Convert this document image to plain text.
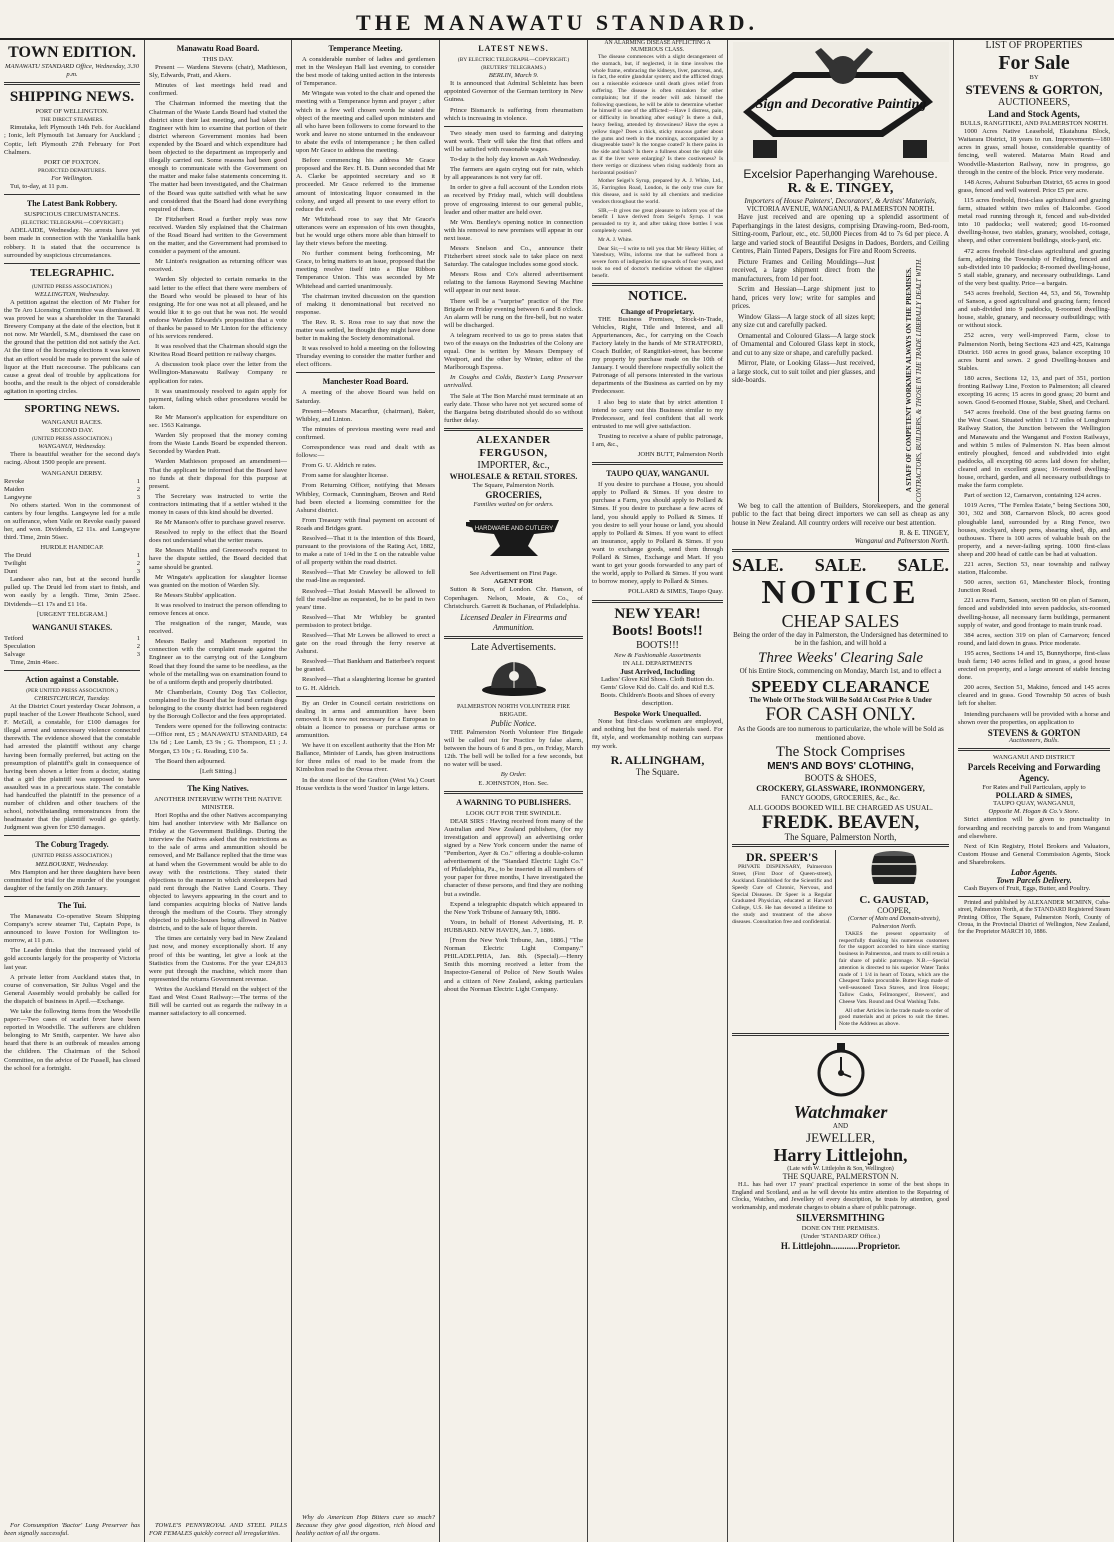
THE MANAWATU STANDARD.
TOWN EDITION.
MANAWATU STANDARD Office, Wednesday, 3.30 p.m.
SHIPPING NEWS.
PORT OF WELLINGTON.
THE DIRECT STEAMERS.

Rimutaka, left Plymouth 14th Feb. for Auckland ; Ionic, left Plymouth 1st January for Auckland ; Coptic, left Plymouth 27th February for Port Chalmers.

PORT OF FOXTON.
PROJECTED DEPARTURES.
For Wellington.

Tui, to-day, at 11 p.m.

The Latest Bank Robbery.
SUSPICIOUS CIRCUMSTANCES.
(ELECTRIC TELEGRAPH.—COPYRIGHT.)

ADELAIDE, Wednesday. No arrests have yet been made in connection with the Yankalilla bank robbery. It is stated that the occurrence is surrounded by suspicious circumstances.

TELEGRAPHIC.
(UNITED PRESS ASSOCIATION.)
WELLINGTON, Wednesday.

A petition against the election of Mr Fisher for the Te Aro Licensing Committee was dismissed. It was proved he was a shareholder in the Taranaki Brewery Company at the date of the election, but it not now. Mr Wardell, S.M., dismissed the case on the ground that the petition did not satisfy the Act. At the time of the licensing elections it was known that an effort would be made to prevent the sale of liquor at the Hutt racecourse. The publicans can cause a great deal of trouble by applications for booths, and the result is the object of considerable agitation in sporting circles.

SPORTING NEWS.
WANGANUI RACES.
SECOND DAY.
(UNITED PRESS ASSOCIATION.)
WANGANUI, Wednesday.

There is beautiful weather for the second day's racing. About 1500 people are present.

WANGANUI DERBY.
Revoke	1
Maiden	2
Langwyne	3

No others started. Won in the commonest of canters by four lengths. Langwyne led for a mile on sufferance, when Vaile on Revoke easily passed her, and won. Dividends, £2 11s. and Langwyne third. Time, 2min 56sec.

HURDLE HANDICAP.
The Druid	1
Twilight	2
Dunt	3

Landseer also ran, but at the second hurdle pulled up. The Druid led from start to finish, and won easily by a length. Time, 3min 25sec. Dividends—£1 17s and £1 16s.

[URGENT TELEGRAM.]
WANGANUI STAKES.
Tetford	1
Speculation	2
Salvage	3

Time, 2min 46sec.

Action against a Constable.
(PER UNITED PRESS ASSOCIATION.)
CHRISTCHURCH, Tuesday.

At the District Court yesterday Oscar Johnson, a pupil teacher of the Lower Heathcote School, sued F. McGill, a constable, for £100 damages for illegal arrest and unnecessary violence connected therewith. The evidence showed that the constable had arrested the plaintiff without any charge having been formally preferred, but acting on the presumption of plaintiff's guilt in consequence of having been shown a letter from a doctor, stating that a girl the plaintiff was supposed to have assaulted was in a precarious state. The constable had handcuffed the plaintiff in the presence of a number of children and other teachers of the school, notwithstanding remonstrances from the headmaster that the plaintiff would go quietly. Judgment was given for £50 damages.

The Coburg Tragedy.
(UNITED PRESS ASSOCIATION.)
MELBOURNE, Wednesday.

Mrs Hampton and her three daughters have been committed for trial for the murder of the youngest daughter of the family on 26th January.

The Tui.

The Manawatu Co-operative Steam Shipping Company's screw steamer Tui, Captain Pope, is announced to leave Foxton for Wellington to-morrow, at 11 p.m.

The Leader thinks that the increased yield of gold accounts largely for the prosperity of Victoria last year.

A private letter from Auckland states that, in course of conversation, Sir Julius Vogel and the General Assembly would probably be called for the dispatch of business in April.—Exchange.

We take the following items from the Woodville paper:—Two cases of scarlet fever have been reported in Woodville. The sufferers are children belonging to Mr Smith, carpenter. We have also heard that there is an outbreak of measles among the children. The Chairman of the School Committee, on the advice of Dr Fussell, has closed the school for a fortnight.

For Consumption 'Bactor' Lung Preserver has been signally successful.

Manawatu Road Board.
THIS DAY.

Present — Wardens Stevens (chair), Mathieson, Sly, Edwards, Pratt, and Akers.

Minutes of last meetings held read and confirmed.

The Chairman informed the meeting that the Chairman of the Waste Lands Board had visited the district since their last meeting, and had taken the Engineer with him to examine that portion of their district whereon Government monies had been expended by the Board and which expenditure had been objected to the department as improperly and illegally carried out. Some reasons had been good enough to communicate with the Government on the matter and make false statements concerning it. The matter had been investigated, and the Chairman of the Board was quite satisfied with what he saw and considered that the Board had done everything required of them.

Dr Fitzherbert Road a further reply was now received. Warden Sly explained that the Chairman of the Road Board had written to the Government on the matter, and the Government had promised to consider a payment of the amount.

Mr Linton's resignation as returning officer was received.

Warden Sly objected to certain remarks in the said letter to the effect that there were members of the Board who would be pleased to hear of his resigning. He for one was not at all pleased, and he would like it to go out that he was not. He would endorse Warden Edwards's proposition that a vote of thanks be passed to Mr Linton for the efficiency of his services rendered.

It was resolved that the Chairman should sign the Kiwitea Road Board petition re railway charges.

A discussion took place over the letter from the Wellington-Manawatu Railway Company re application for rates.

It was unanimously resolved to again apply for payment, failing which other procedures would be taken.

Re Mr Manson's application for expenditure on sec. 1563 Kairanga.

Warden Sly proposed that the money coming from the Waste Lands Board be expended thereon. Seconded by Warden Pratt.

Warden Mathieson proposed an amendment—That the applicant be informed that the Board have no funds at their disposal for this purpose at present.

The Secretary was instructed to write the contractors intimating that if a settler wished it the money in cases of this kind should be diverted.

Re Mr Manson's offer to purchase gravel reserve.

Resolved to reply to the effect that the Board does not understand what the writer means.

Re Messrs Mullins and Greenwood's request to have the dispute settled, the Board decided that same should be granted.

Mr Wingate's application for slaughter license was granted on the motion of Warden Sly.

Re Messrs Stubbs' application.

It was resolved to instruct the person offending to remove fences at once.

The resignation of the ranger, Maude, was received.

Messrs Bailey and Matheson reported in connection with the complaint made against the Engineer as to the carrying out of the Longburn Road that they found the same to be needless, as the whole of the metalling was on examination found to be of a uniform depth and properly distributed.

Mr Chamberlain, County Dog Tax Collector, complained to the Board that he found certain dogs belonging to the county district had been registered by the Borough Collector and the fees appropriated.

Tenders were opened for the following contracts:—Office rent, £5 ; MANAWATU STANDARD, £4 13s 6d ; Lee Lamb, £3 9s ; G. Thompson, £1 ; J. Morgan, £3 10s ; G. Reading, £10 5s.

The Board then adjourned.

[Left Sitting.]
The King Natives.
ANOTHER INTERVIEW WITH THE NATIVE MINISTER.

Hori Ropiha and the other Natives accompanying him had another interview with Mr Ballance on Friday at the Government Buildings. During the interview the Natives asked that the restrictions as to the sale of arms and ammunition should be removed, and Mr Ballance replied that the time was at hand when the Government would be able to do away with the restrictions. They stated their objections to the manner in which storekeepers had paid rent through the Native Land Courts. They objected to lawyers appearing in the court and to land companies acquiring blocks of Native lands through the medium of the Courts. They strongly objected to public-houses being allowed in Native districts, and to the sale of liquor therein.

The times are certainly very bad in New Zealand just now, and money exceptionally short. If any proof of this be wanting, let give a look at the Statistics from the Customs. For the year £24,813 were put through the machine, which more than represented the returns Government revenue.

Writes the Auckland Herald on the subject of the East and West Coast Railway:—The terms of the Bill will be carried out as regards the railway in a manner satisfactory to all concerned.

TOWLE'S PENNYROYAL AND STEEL PILLS FOR FEMALES quickly correct all irregularities.

Temperance Meeting.

A considerable number of ladies and gentlemen met in the Wesleyan Hall last evening, to consider the best mode of taking united action in the interests of Temperance.

Mr Wingate was voted to the chair and opened the meeting with a Temperance hymn and prayer ; after which in a few well chosen words he stated the object of the meeting and called upon ministers and all who have been followers to come forward to the work and leave no stone unturned in the endeavour to abate the evils of intemperance ; he then called upon Mr Grace to address the meeting.

Before commencing his address Mr Grace proposed and the Rev. H. B. Dunn seconded that Mr A. Clarke be appointed secretary and so it proceeded. Mr Grace referred to the immense amount of intoxicating liquor consumed in the colony, and urged all present to use every effort to reduce the evil.

Mr Whitehead rose to say that Mr Grace's utterances were an expression of his own thoughts, but he would urge others more able than himself to lay their views before the meeting.

No further comment being forthcoming, Mr Grace, to bring matters to an issue, proposed that the meeting resolve itself into a Blue Ribbon Temperance Union. This was seconded by Mr Whitehead and carried unanimously.

The chairman invited discussion on the question of making it denominational but received no response.

The Rev. R. S. Ross rose to say that now the matter was settled, he thought they might have done better in making the Society denominational.

It was resolved to hold a meeting on the following Thursday evening to consider the matter further and elect officers.

Manchester Road Board.

A meeting of the above Board was held on Saturday.

Present—Messrs Macarthur, (chairman), Baker, Whibley, and Linton.

The minutes of previous meeting were read and confirmed.

Correspondence was read and dealt with as follows:—

From G. U. Aldrich re rates.

From same for slaughter license.

From Returning Officer, notifying that Messrs Whibley, Cormack, Cunningham, Brown and Reid had been elected a licensing committee for the Ashurst district.

From Treasury with final payment on account of Roads and Bridges grant.

Resolved—That it is the intention of this Board, pursuant to the provisions of the Rating Act, 1882, to make a rate of 1/4d in the £ on the rateable value of all property within the road district.

Resolved—That Mr Crawley be allowed to fell the road-line as requested.

Resolved—That Josiah Maxwell be allowed to fell the road-line as requested, he to be paid in two years' time.

Resolved—That Mr Whibley be granted permission to protect bridge.

Resolved—That Mr Lowes be allowed to erect a gate on the road through the ferry reserve at Ashurst.

Resolved—That Bankham and Batterbee's request be granted.

Resolved—That a slaughtering license be granted to G. H. Aldrich.

By an Order in Council certain restrictions on dealing in arms and ammunition have been removed. It is now not necessary for a European to obtain a licence to possess or purchase arms or ammunition.

We have it on excellent authority that the Hon Mr Ballance, Minister of Lands, has given instructions for three miles of road to be made from the Kimbolton road to the Oroua river.

In the stone floor of the Grafton (West Va.) Court House verdicts is the word 'Justice' in large letters.

Why do American Hop Bitters cure so much? Because they give good digestion, rich blood and healthy action of all the organs.

LATEST NEWS.
(BY ELECTRIC TELEGRAPH.—COPYRIGHT.)
(REUTERS' TELEGRAMS.)
BERLIN, March 9.

It is announced that Admiral Schleintz has been appointed Governor of the German territory in New Guinea.

Prince Bismarck is suffering from rheumatism which is increasing in violence.

Two steady men used to farming and dairying want work. Their will take the first that offers and will be satisfied with reasonable wages.

To-day is the holy day known as Ash Wednesday.

The farmers are again crying out for rain, which by all appearances is not very far off.

In order to give a full account of the London riots as received by Friday mail, which will doubtless prove of engrossing interest to our general public, leader and other matter are held over.

Mr Wm. Bentley's opening notice in connection with his removal to new premises will appear in our next issue.

Messrs Snelson and Co., announce their Fitzherbert street stock sale to take place on next Saturday. The catalogue includes some good stock.

Messrs Ross and Co's altered advertisement relating to the famous Raymond Sewing Machine will appear in our next issue.

There will be a "surprise" practice of the Fire Brigade on Friday evening between 6 and 8 o'clock. An alarm will be rung on the fire-bell, but no water will be discharged.

A telegram received to us go to press states that two of the essays on the Industries of the Colony are equal. One is written by Messrs Dempsey of Westport, and the other by Winter, editor of the Marlborough Express.

In Coughs and Colds, Baxter's Lung Preserver unrivalled.

The Sale at The Bon Marché must terminate at an early date. Those who have not yet secured some of the Bargains being distributed should do so without further delay.

ALEXANDER FERGUSON,
IMPORTER, &c.,
WHOLESALE & RETAIL STORES.
The Square, Palmerston North.
GROCERIES,
Families waited on for orders.
HARDWARE AND CUTLERY
See Advertisement on First Page.
AGENT FOR

Sutton & Sons, of London. Chr. Hanson, of Copenhagen. Nelson, Moate, & Co., of Christchurch. Garrett & Buchanan, of Philadelphia.

Licensed Dealer in Firearms and Ammunition.
Late Advertisements.
PALMERSTON NORTH VOLUNTEER FIRE BRIGADE.
Public Notice.

THE Palmerston North Volunteer Fire Brigade will be called out for Practice by false alarm, between the hours of 6 and 8 pm., on Friday, March 12th. The bell will be tolled for a few seconds, but no water will be used.

By Order.
E. JOHNSTON, Hon. Sec.
A WARNING TO PUBLISHERS.
LOOK OUT FOR THE SWINDLE.

DEAR SIRS : Having received from many of the Australian and New Zealand publishers, (for my investigation and approval) an advertising order signed by a New York concern under the name of "Pemberton, Ayer & Co." offering a double-column advertisement of the "Standard Electric Light Co." of Philadelphia, Pa., to be inserted in all numbers of your paper for three months, I have investigated the character of these persons, and find they are nothing but a swindle.

Expend a telegraphic dispatch which appeared in the New York Tribune of January 9th, 1886.

Yours, in behalf of Honest Advertising, H. P. HUBBARD. NEW HAVEN, Jan. 7, 1886.

[From the New York Tribune, Jan., 1886.] "The Norman Electric Light Company." PHILADELPHIA, Jan. 8th. (Special).—Henry Smith this morning received a letter from the Inspector-General of Police of New South Wales and a citizen of New Zealand, asking particulars about the Norman Electric Light Company.

AN ALARMING DISEASE AFFLICTING A NUMEROUS CLASS.

The disease commences with a slight derangement of the stomach, but, if neglected, it in time involves the whole frame, embracing the kidneys, liver, pancreas, and, in fact, the entire glandular system; and the afflicted drags out a miserable existence until death gives relief from suffering. The disease is often mistaken for other complaints; but if the reader will ask himself the following questions, he will be able to determine whether he himself is one of the afflicted:—Have I distress, pain, or difficulty in breathing after eating? Is there a dull, heavy feeling, attended by drowsiness? Have the eyes a yellow tinge? Does a thick, sticky mucous gather about the gums and teeth in the mornings, accompanied by a disagreeable taste? Is the tongue coated? Is there pains in the side and back? Is there a fullness about the right side as if the liver were enlarging? Is there costiveness? Is there vertigo or dizziness when rising suddenly from an horizontal position?

Mother Seigel's Syrup, prepared by A. J. White, Ltd., 35, Farringdon Road, London, is the only true cure for this disease, and is sold by all chemists and medicine vendors throughout the world.

SIR,—It gives me great pleasure to inform you of the benefit I have derived from Seigel's Syrup. I was persuaded to try it, and after taking three bottles I was completely cured.

Mr A. J. White.

Dear Sir,—I write to tell you that Mr Henry Hillier, of Yatesbury, Wilts, informs me that he suffered from a severe form of indigestion for upwards of four years, and took no end of doctor's medicine without the slightest benefit.

NOTICE.
Change of Proprietary.

THE Business Premises, Stock-in-Trade, Vehicles, Right, Title and Interest, and all Appurtenances, &c., for carrying on the Coach Factory lately in the hands of Mr STRATFORD, Coach Builder, of Rangitikei-street, has become my property by purchase made on the 10th of January. I would therefore respectfully solicit the Patronage of all persons interested in the various departments of the Business as carried on by my Predecessor.

I also beg to state that by strict attention I intend to carry out this Business similar to my Predecessor, and feel confident that all work entrusted to me will give satisfaction.

Trusting to receive a share of public patronage, I am, &c.,

JOHN BUTT, Palmerston North
TAUPO QUAY, WANGANUI.

If you desire to purchase a House, you should apply to Pollard & Simes. If you desire to purchase a Farm, you should apply to Pollard & Simes. If you desire to purchase a few acres of land, you should apply to Pollard & Simes. If you desire to sell your house or land, you should apply to Pollard & Simes. If you want to effect an insurance, apply to Pollard & Simes. If you want to exchange goods, send them through Pollard & Simes, Exchange and Mart. If you want to get your goods forwarded to any part of the world, apply to Pollard & Simes. If you want to borrow money, apply to Pollard & Simes.

POLLARD & SIMES, Taupo Quay.
NEW YEAR!
Boots! Boots!!
BOOTS!!!
New & Fashionable Assortments
IN ALL DEPARTMENTS
Just Arrived, Including

Ladies' Glove Kid Shoes. Cloth Button do. Gents' Glove Kid do. Calf do. and Kid E.S. Boots. Children's Boots and Shoes of every description.

Bespoke Work Unequalled.

None but first-class workmen are employed, and nothing but the best of materials used. For fit, style, and workmanship nothing can surpass my work.

R. ALLINGHAM,
The Square.
Sign and Decorative Painting
Excelsior Paperhanging Warehouse.
R. & E. TINGEY,
Importers of House Painters', Decorators', & Artists' Materials,
VICTORIA AVENUE, WANGANUI, & PALMERSTON NORTH.

Have just received and are opening up a splendid assortment of Paperhangings in the latest designs, comprising Drawing-room, Bed-room, Sitting-room, Parlour, etc., etc. 50,000 Pieces from 4d to 7s 6d per piece. A large and varied stock of Beautiful Designs in Dadoes, Borders, and Ceiling Centres, Plain Tinted Papers, Designs for Fire and Room Screens.

Picture Frames and Ceiling Mouldings—Just received, a large shipment direct from the manufacturers, from 1d per foot.

Scrim and Hessian—Large shipment just to hand, prices very low; write for samples and prices.

Window Glass—A large stock of all sizes kept; any size cut and carefully packed.

Ornamental and Coloured Glass—A large stock of Ornamental and Coloured Glass kept in stock, and cut to any size or shape, and carefully packed.

Mirror, Plate, or Looking Glass—Just received, a large stock, cut to suit toilet and pier glasses, and side-boards.	A STAFF OF COMPETENT WORKMEN ALWAYS ON THE PREMISES. CONTRACTORS, BUILDERS, & THOSE IN THE TRADE LIBERALLY DEALT WITH.

We beg to call the attention of Builders, Storekeepers, and the general public to the fact that being direct importers we can sell as cheap as any house in New Zealand. All country orders will receive our best attention.

R. & E. TINGEY,
Wanganui and Palmerston North.
SALE. SALE. SALE.
NOTICE
CHEAP SALES

Being the order of the day in Palmerston, the Undersigned has determined to be in the fashion, and will hold a

Three Weeks' Clearing Sale

Of his Entire Stock, commencing on Monday, March 1st, and to effect a

SPEEDY CLEARANCE
The Whole Of The Stock Will Be Sold At Cost Price & Under
FOR CASH ONLY.

As the Goods are too numerous to particularize, the whole will be Sold as mentioned above.

The Stock Comprises
MEN'S AND BOYS' CLOTHING,
BOOTS & SHOES,
CROCKERY, GLASSWARE, IRONMONGERY,
FANCY GOODS, GROCERIES, &c., &c.
ALL GOODS BOOKED WILL BE CHARGED AS USUAL.
FREDK. BEAVEN,
The Square, Palmerston North,
DR. SPEER'S

PRIVATE DISPENSARY, Palmerston Street, (First Door of Queen-street), Auckland. Established for the Scientific and Speedy Cure of Chronic, Nervous, and Special Diseases. Dr Speer is a Regular Graduated Physician, educated at Harvard College, U.S. He has devoted a lifetime to the study and treatment of the above diseases. Consultation free and confidential.

C. GAUSTAD,
COOPER,
(Corner of Main and Domain-streets), Palmerston North.

TAKES the present opportunity of respectfully thanking his numerous customers for the support accorded to him since starting business in Palmerston, and trusts to still retain a fair share of public patronage. N.B.—Special attention is directed to his superior Water Tanks made of 1 1/4 in heart of Totara, which are the Cheapest Tanks procurable. Butter Kegs made of well-seasoned Tawa Staves, and Iron Hoops; Tallow Casks, Fellmongers', Brewers', and Cheese Vats. Round and Oval Washing Tubs.

All other Articles in the trade made to order of good materials and at prices to suit the times. Note the Address as above.

Watchmaker
AND
JEWELLER,
Harry Littlejohn,
(Late with W. Littlejohn & Son, Wellington)
THE SQUARE, PALMERSTON N.

H.L. has had over 17 years' practical experience in some of the best shops in England and Scotland, and as he will devote his entire attention to the Repairing of Clocks, Watches, and Jewellery of every description, he trusts by attention, good workmanship, and moderate charges to obtain a share of public patronage.

SILVERSMITHING
DONE ON THE PREMISES.
(Under 'STANDARD' Office.)
H. Littlejohn............Proprietor.
LIST OF PROPERTIES
For Sale
BY
STEVENS & GORTON,
AUCTIONEERS,
Land and Stock Agents,
BULLS, RANGITIKEI, AND PALMERSTON NORTH.

1000 Acres Native Leasehold, Ekatahuna Block, Waitarara District, 18 years to run. Improvements—180 acres in grass, small house, considerable quantity of fencing, well watered. Mataroa Main Road and Woodville-Masterton Railway, now in progress, go through in the centre of the block. Price very moderate.

148 Acres, Ashurst Suburban District, 65 acres in good grass, fenced and well watered. Price £5 per acre.

115 acres freehold, first-class agricultural and grazing farm, situated within two miles of Halcombe. Good metal road running through it, fenced and sub-divided into 10 paddocks; well watered; good 16-roomed dwelling-house, two stables, granary, woolshed, cottage, sheep, and other convenient buildings, stock-yard, etc.

472 acres freehold first-class agricultural and grazing farm, adjoining the Township of Feilding, fenced and sub-divided into 10 paddocks; 8-roomed dwelling-house, 5 stall stable, granary, and necessary outbuildings. Land of the very best quality. Price—a bargain.

543 acres freehold, Section 44, 53, and 56, Township of Sanson, a good agricultural and grazing farm; fenced and sub-divided into 9 paddocks, 8-roomed dwelling-house, stable, granary, and necessary outbuildings; with or without stock.

252 acres, very well-improved Farm, close to Palmerston North, being Sections 423 and 425, Kairanga District. 160 acres in good grass, balance excepting 10 acres burnt and sown. 2 good Dwelling-houses and Stables.

180 acres, Sections 12, 13, and part of 351, portion fronting Railway Line, Foxton to Palmerston; all cleared excepting 16 acres; 15 acres in good grass; 20 burnt and sown. Good 6-roomed House, Stable, Shed, and Orchard.

547 acres freehold. One of the best grazing farms on the West Coast. Situated within 1 1/2 miles of Longburn Railway Station, the Junction between the Wellington and Manawatu and the Wanganui and Foxton Railways, and within 5 miles of Palmerston N. Has been almost entirely ploughed, fenced and subdivided into eight paddocks, all excepting 60 acres laid down for shelter, cleared and in excellent grass; 16-roomed dwelling-house, orchard, garden, and all necessary outbuildings to make the farm complete.

Part of section 12, Carnarvon, containing 124 acres.

1019 Acres, "The Fernlea Estate," being Sections 300, 301, 302 and 308, Carnarvon Block, 80 acres good ploughable land, surrounded by a Ring Fence, two houses, stockyard, sheep pens, shearing shed, dip, and outhouses. There is 100 acres of valuable bush on the property, and a never-failing spring. 1000 first-class sheep and 200 head of cattle can be had at valuation.

221 acres, Section 53, near township and railway station, Halcombe.

500 acres, section 61, Manchester Block, fronting Junction Road.

221 acres Farm, Sanson, section 90 on plan of Sanson, fenced and subdivided into seven paddocks, six-roomed dwelling-house, all necessary farm buildings, permanent supply of water, and good frontage to main trunk road.

384 acres, section 319 on plan of Carnarvon; fenced round, and laid down in grass. Price moderate.

195 acres, Sections 14 and 15, Bunnythorpe, first-class bush farm; 140 acres felled and in grass, a good house erected on property, and a large amount of stable fencing done.

200 acres, Section 51, Makino, fenced and 145 acres cleared and in grass. Good Township 50 acres of bush left for shelter.

Intending purchasers will be provided with a horse and shown over the properties, on application to

STEVENS & GORTON
Auctioneers, Bulls.
WANGANUI AND DISTRICT
Parcels Receiving and Forwarding Agency.
For Rates and Full Particulars, apply to
POLLARD & SIMES,
TAUPO QUAY, WANGANUI,
Opposite M. Hogan & Co.'s Store.

Strict attention will be given to punctuality in forwarding and receiving parcels to and from Wanganui and elsewhere.

Next of Kin Registry, Hotel Brokers and Valuators, Custom House and General Commission Agents, Stock and Sharebrokers.

Labor Agents.
Town Parcels Delivery.

Cash Buyers of Fruit, Eggs, Butter, and Poultry.

Printed and published by ALEXANDER MCMINN, Cuba-street, Palmerston North, at the STANDARD Registered Steam Printing Office, The Square, Palmerston North, County of Oroua, in the Provincial District of Wellington, New Zealand, for the Proprietor MARCH 10, 1886.
